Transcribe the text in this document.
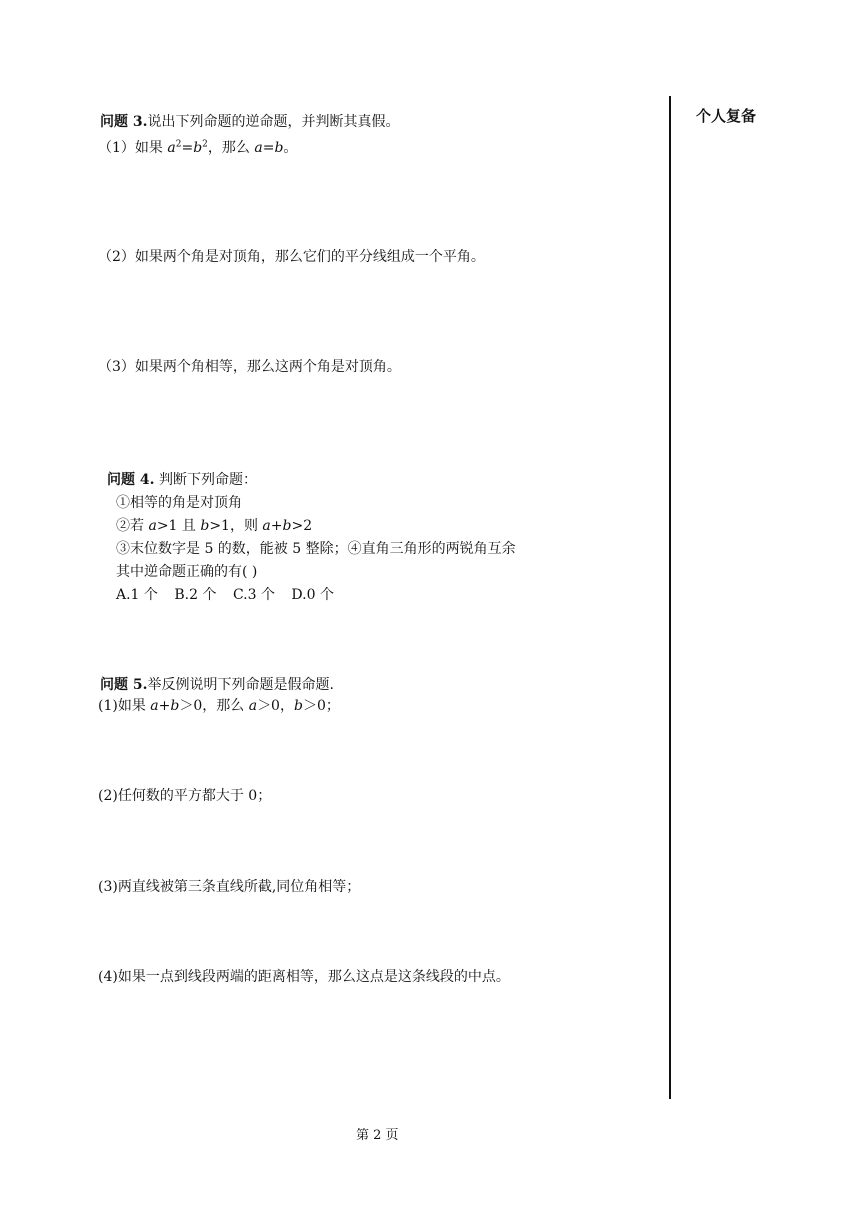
个人复备
问题 3.说出下列命题的逆命题，并判断其真假。
（1）如果 $a^2=b^2$，那么 a=b。
（2）如果两个角是对顶角，那么它们的平分线组成一个平角。
（3）如果两个角相等，那么这两个角是对顶角。
问题 4. 判断下列命题：
①相等的角是对顶角
②若 a>1 且 b>1，则 a+b>2
③末位数字是 5 的数，能被 5 整除；④直角三角形的两锐角互余
其中逆命题正确的有( )
A.1 个 B.2 个 C.3 个 D.0 个
问题 5.举反例说明下列命题是假命题.
(1)如果 a+b＞0，那么 a＞0，b＞0；
(2)任何数的平方都大于 0；
(3)两直线被第三条直线所截,同位角相等；
(4)如果一点到线段两端的距离相等，那么这点是这条线段的中点。
第 2 页
